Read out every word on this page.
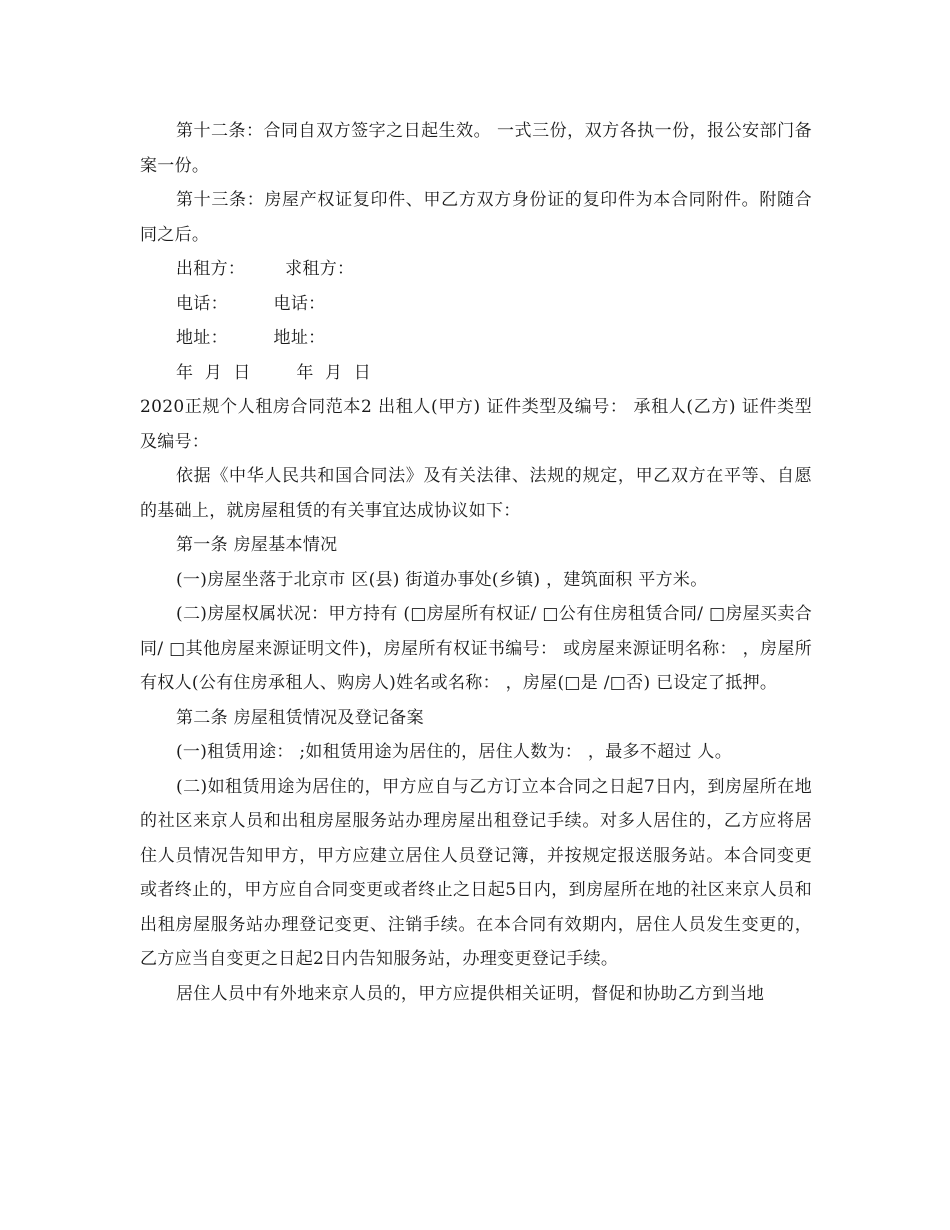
第十二条：合同自双方签字之日起生效。 一式三份，双方各执一份，报公安部门备案一份。

第十三条：房屋产权证复印件、甲乙方双方身份证的复印件为本合同附件。附随合同之后。

出租方：       求租方：

电话：        电话：

地址：        地址：

年  月  日        年  月  日

2020正规个人租房合同范本2 出租人(甲方) 证件类型及编号： 承租人(乙方) 证件类型及编号：

依据《中华人民共和国合同法》及有关法律、法规的规定，甲乙双方在平等、自愿的基础上，就房屋租赁的有关事宜达成协议如下：

第一条 房屋基本情况

(一)房屋坐落于北京市 区(县) 街道办事处(乡镇) ，建筑面积 平方米。

(二)房屋权属状况：甲方持有 (□房屋所有权证/ □公有住房租赁合同/ □房屋买卖合同/ □其他房屋来源证明文件)，房屋所有权证书编号： 或房屋来源证明名称： ，房屋所有权人(公有住房承租人、购房人)姓名或名称： ，房屋(□是 /□否) 已设定了抵押。

第二条 房屋租赁情况及登记备案

(一)租赁用途： ;如租赁用途为居住的，居住人数为： ，最多不超过 人。

(二)如租赁用途为居住的，甲方应自与乙方订立本合同之日起7日内，到房屋所在地的社区来京人员和出租房屋服务站办理房屋出租登记手续。对多人居住的，乙方应将居住人员情况告知甲方，甲方应建立居住人员登记簿，并按规定报送服务站。本合同变更或者终止的，甲方应自合同变更或者终止之日起5日内，到房屋所在地的社区来京人员和出租房屋服务站办理登记变更、注销手续。在本合同有效期内，居住人员发生变更的，乙方应当自变更之日起2日内告知服务站，办理变更登记手续。

居住人员中有外地来京人员的，甲方应提供相关证明，督促和协助乙方到当地
